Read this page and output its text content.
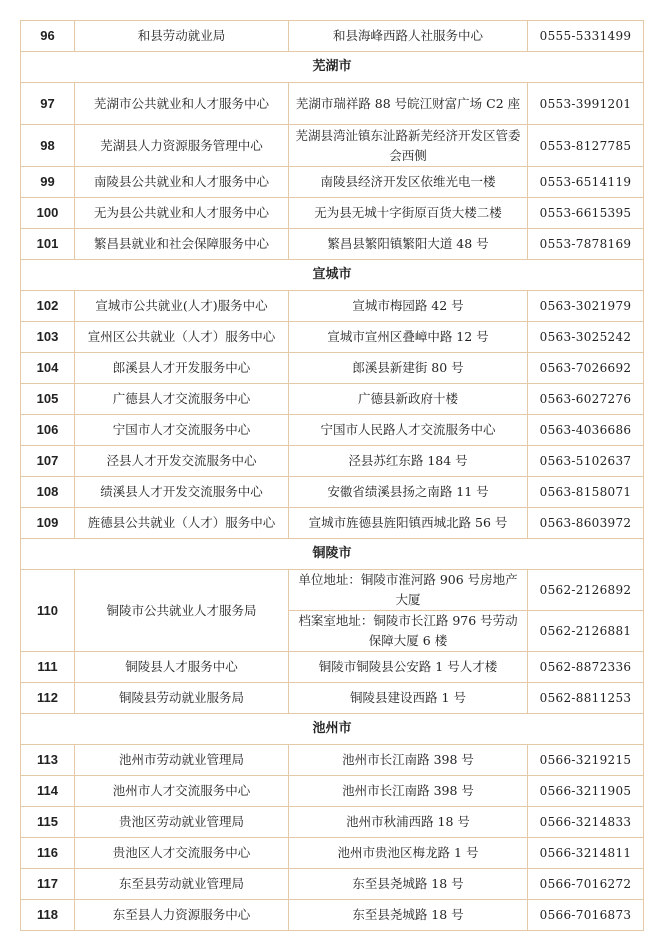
96	和县劳动就业局	和县海峰西路人社服务中心	0555-5331499
芜湖市			
97	芜湖市公共就业和人才服务中心	芜湖市瑞祥路 88 号皖江财富广场 C2 座	0553-3991201
98	芜湖县人力资源服务管理中心	芜湖县湾沚镇东沚路新芜经济开发区管委会西侧	0553-8127785
99	南陵县公共就业和人才服务中心	南陵县经济开发区依维光电一楼	0553-6514119
100	无为县公共就业和人才服务中心	无为县无城十字街原百货大楼二楼	0553-6615395
101	繁昌县就业和社会保障服务中心	繁昌县繁阳镇繁阳大道 48 号	0553-7878169
宣城市			
102	宣城市公共就业(人才)服务中心	宣城市梅园路 42 号	0563-3021979
103	宣州区公共就业（人才）服务中心	宣城市宣州区叠嶂中路 12 号	0563-3025242
104	郎溪县人才开发服务中心	郎溪县新建街 80 号	0563-7026692
105	广德县人才交流服务中心	广德县新政府十楼	0563-6027276
106	宁国市人才交流服务中心	宁国市人民路人才交流服务中心	0563-4036686
107	泾县人才开发交流服务中心	泾县苏红东路 184 号	0563-5102637
108	绩溪县人才开发交流服务中心	安徽省绩溪县扬之南路 11 号	0563-8158071
109	旌德县公共就业（人才）服务中心	宣城市旌德县旌阳镇西城北路 56 号	0563-8603972
铜陵市			
110	铜陵市公共就业人才服务局	单位地址：铜陵市淮河路 906 号房地产大厦	0562-2126892
		档案室地址：铜陵市长江路 976 号劳动保障大厦 6 楼	0562-2126881
111	铜陵县人才服务中心	铜陵市铜陵县公安路 1 号人才楼	0562-8872336
112	铜陵县劳动就业服务局	铜陵县建设西路 1 号	0562-8811253
池州市			
113	池州市劳动就业管理局	池州市长江南路 398 号	0566-3219215
114	池州市人才交流服务中心	池州市长江南路 398 号	0566-3211905
115	贵池区劳动就业管理局	池州市秋浦西路 18 号	0566-3214833
116	贵池区人才交流服务中心	池州市贵池区梅龙路 1 号	0566-3214811
117	东至县劳动就业管理局	东至县尧城路 18 号	0566-7016272
118	东至县人力资源服务中心	东至县尧城路 18 号	0566-7016873
